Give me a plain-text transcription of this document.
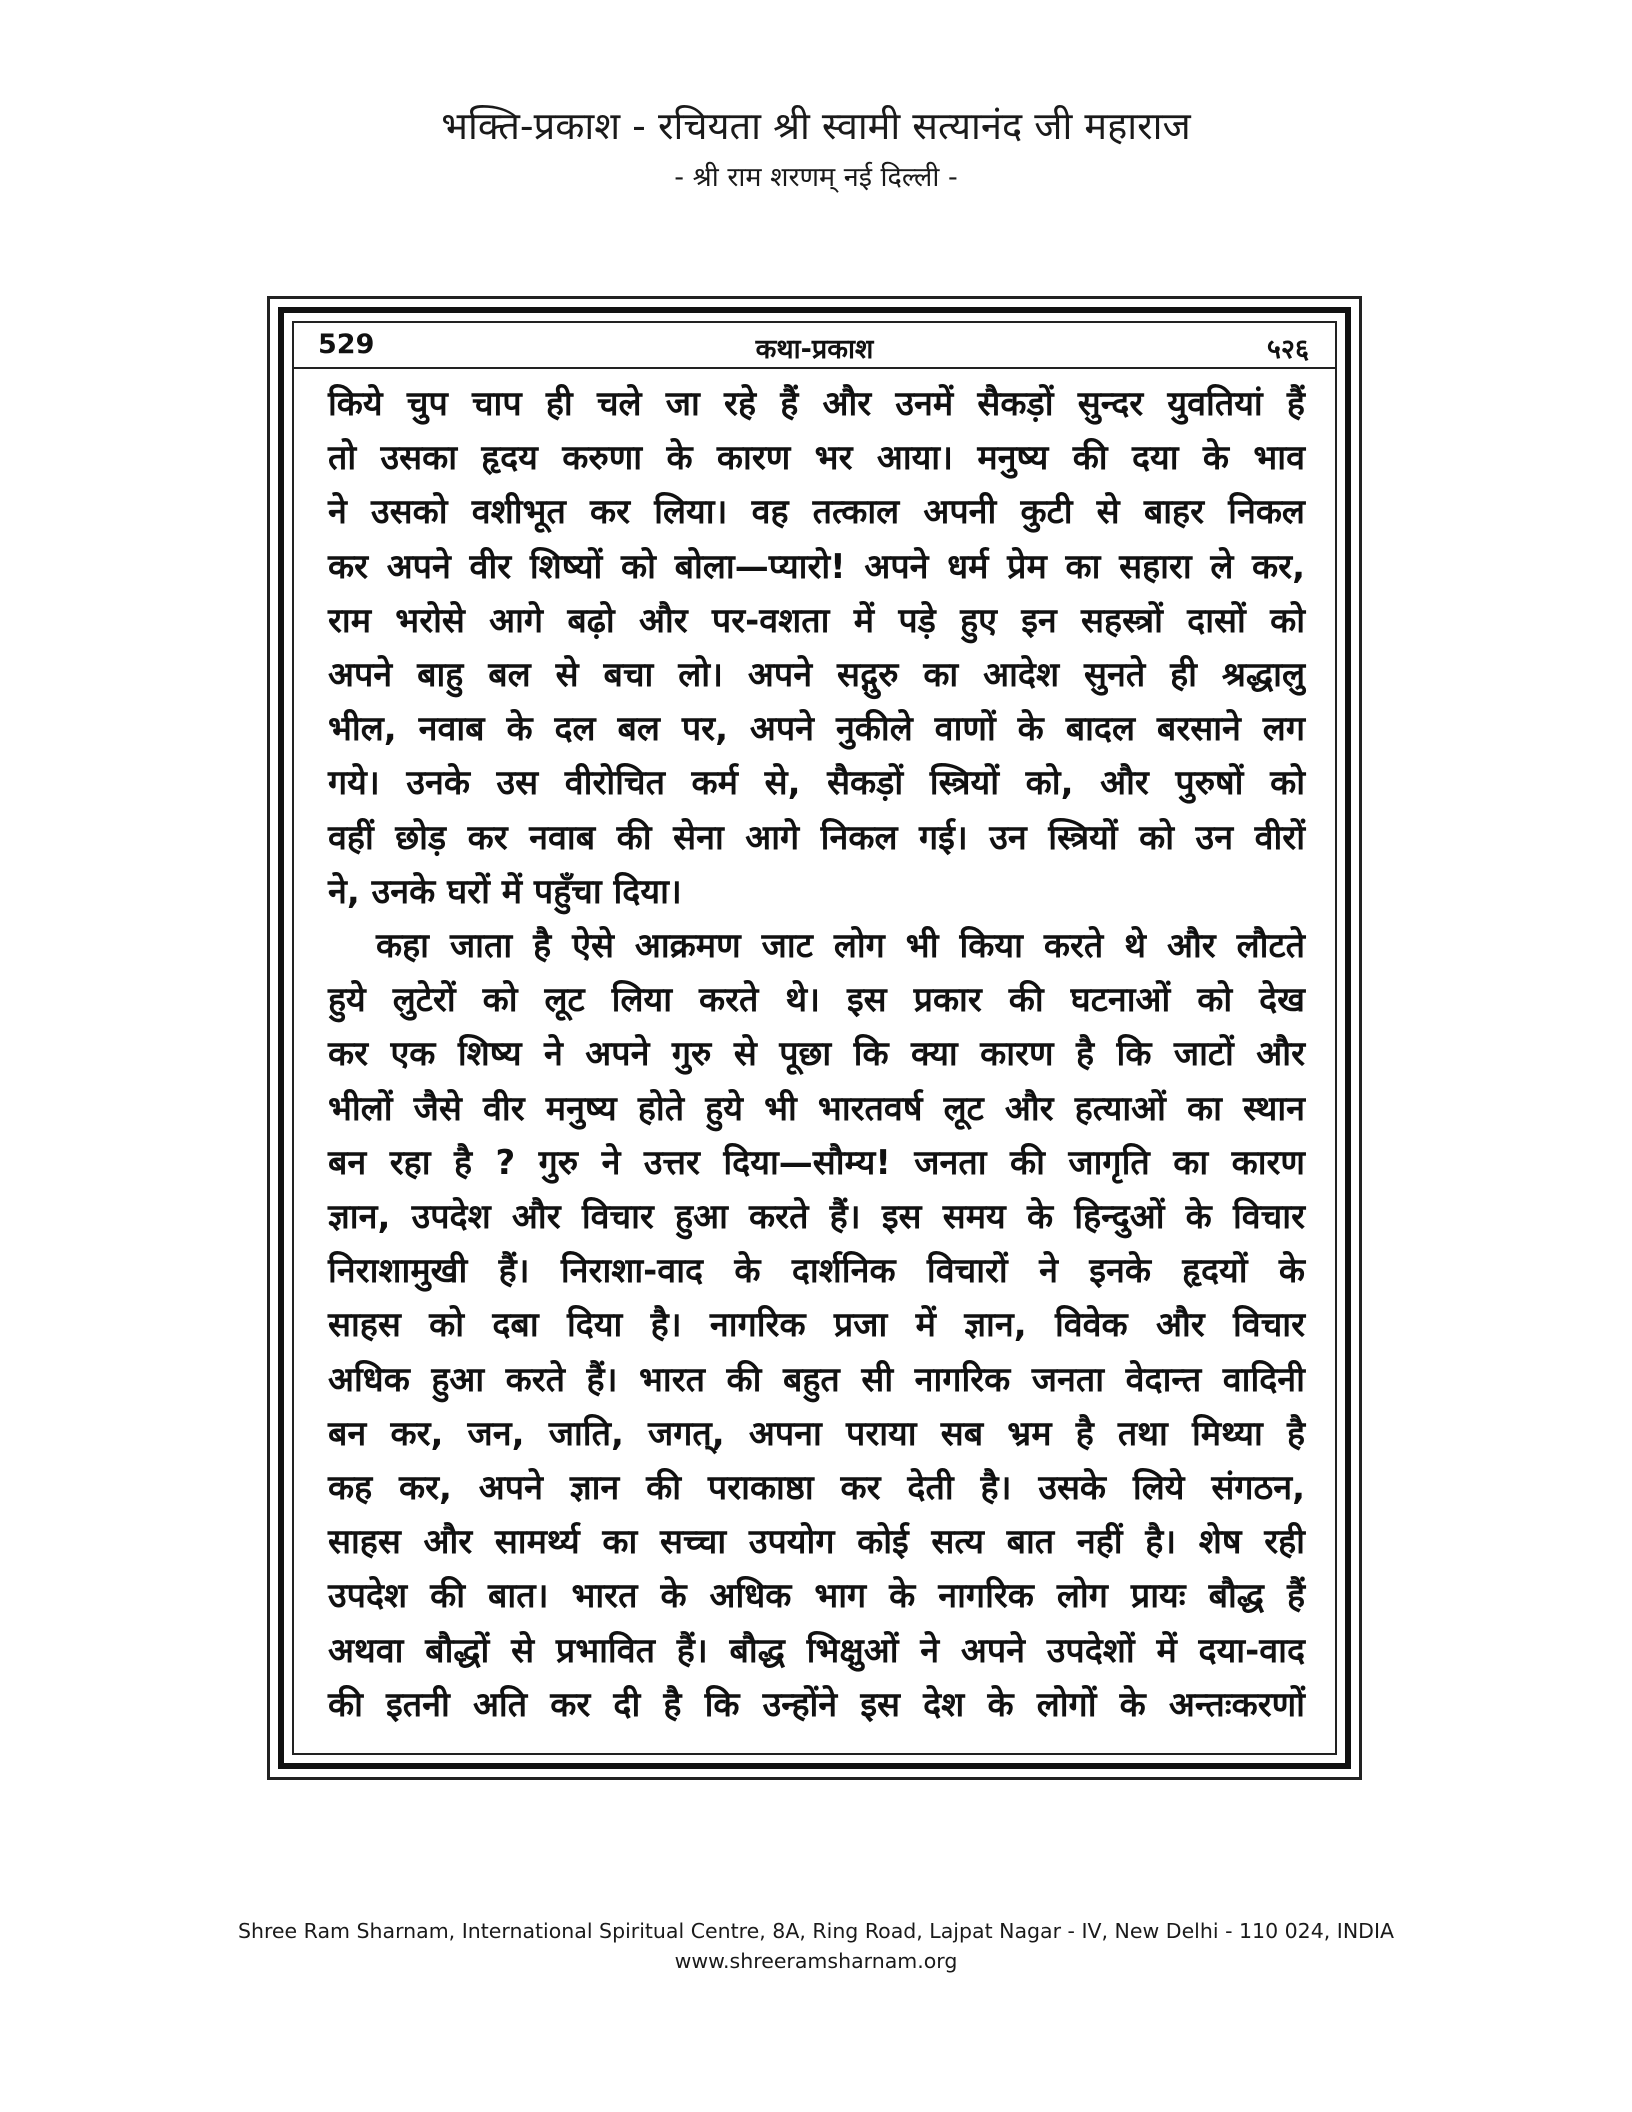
भक्ति-प्रकाश - रचियता श्री स्वामी सत्यानंद जी महाराज
- श्री राम शरणम् नई दिल्ली -
529	कथा-प्रकाश	५२६
किये चुप चाप ही चले जा रहे हैं और उनमें सैकड़ों सुन्दर युवतियां हैं
तो उसका हृदय करुणा के कारण भर आया। मनुष्य की दया के भाव
ने उसको वशीभूत कर लिया। वह तत्काल अपनी कुटी से बाहर निकल
कर अपने वीर शिष्यों को बोला—प्यारो! अपने धर्म प्रेम का सहारा ले कर,
राम भरोसे आगे बढ़ो और पर-वशता में पड़े हुए इन सहस्त्रों दासों को
अपने बाहु बल से बचा लो। अपने सद्गुरु का आदेश सुनते ही श्रद्धालु
भील, नवाब के दल बल पर, अपने नुकीले वाणों के बादल बरसाने लग
गये। उनके उस वीरोचित कर्म से, सैकड़ों स्त्रियों को, और पुरुषों को
वहीं छोड़ कर नवाब की सेना आगे निकल गई। उन स्त्रियों को उन वीरों
ने, उनके घरों में पहुँचा दिया।
कहा जाता है ऐसे आक्रमण जाट लोग भी किया करते थे और लौटते
हुये लुटेरों को लूट लिया करते थे। इस प्रकार की घटनाओं को देख
कर एक शिष्य ने अपने गुरु से पूछा कि क्या कारण है कि जाटों और
भीलों जैसे वीर मनुष्य होते हुये भी भारतवर्ष लूट और हत्याओं का स्थान
बन रहा है ? गुरु ने उत्तर दिया—सौम्य! जनता की जागृति का कारण
ज्ञान, उपदेश और विचार हुआ करते हैं। इस समय के हिन्दुओं के विचार
निराशामुखी हैं। निराशा-वाद के दार्शनिक विचारों ने इनके हृदयों के
साहस को दबा दिया है। नागरिक प्रजा में ज्ञान, विवेक और विचार
अधिक हुआ करते हैं। भारत की बहुत सी नागरिक जनता वेदान्त वादिनी
बन कर, जन, जाति, जगत्, अपना पराया सब भ्रम है तथा मिथ्या है
कह कर, अपने ज्ञान की पराकाष्ठा कर देती है। उसके लिये संगठन,
साहस और सामर्थ्य का सच्चा उपयोग कोई सत्य बात नहीं है। शेष रही
उपदेश की बात। भारत के अधिक भाग के नागरिक लोग प्रायः बौद्ध हैं
अथवा बौद्धों से प्रभावित हैं। बौद्ध भिक्षुओं ने अपने उपदेशों में दया-वाद
की इतनी अति कर दी है कि उन्होंने इस देश के लोगों के अन्तःकरणों
Shree Ram Sharnam, International Spiritual Centre, 8A, Ring Road, Lajpat Nagar - IV, New Delhi - 110 024, INDIA
www.shreeramsharnam.org
